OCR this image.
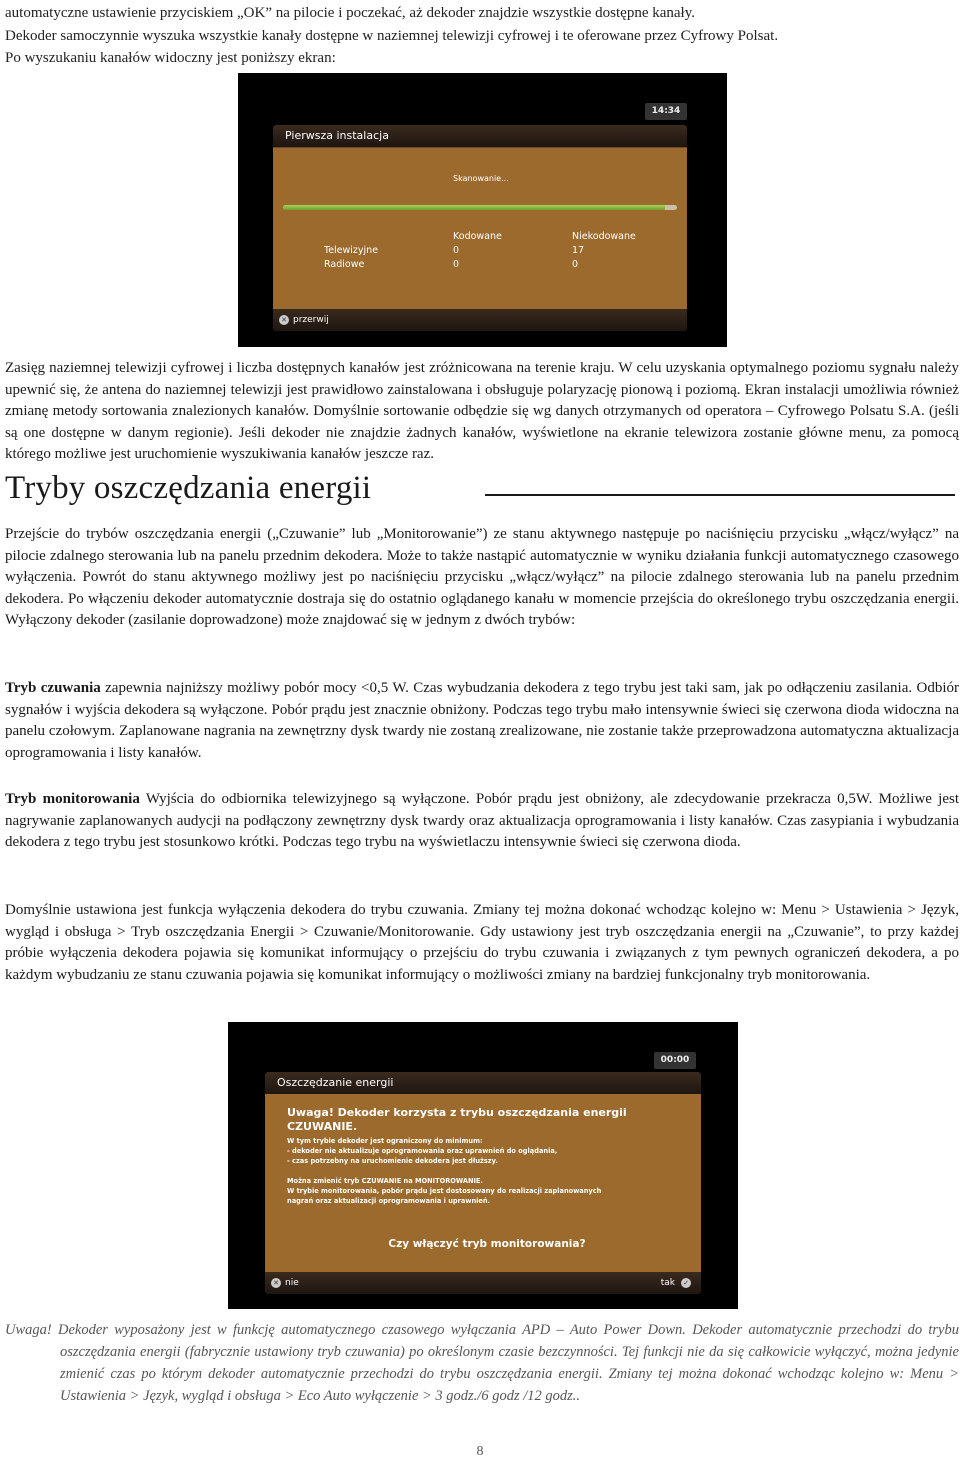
automatyczne ustawienie przyciskiem „OK” na pilocie i poczekać, aż dekoder znajdzie wszystkie dostępne kanały.
Dekoder samoczynnie wyszuka wszystkie kanały dostępne w naziemnej telewizji cyfrowej i te oferowane przez Cyfrowy Polsat.
Po wyszukaniu kanałów widoczny jest poniższy ekran:
14:34
Pierwsza instalacja
Skanowanie...
Kodowane	Niekodowane
Telewizyjne	0	17
Radiowe	0	0
✕ przerwij
Zasięg naziemnej telewizji cyfrowej i liczba dostępnych kanałów jest zróżnicowana na terenie kraju. W celu uzyskania optymalnego poziomu sygnału należy upewnić się, że antena do naziemnej telewizji jest prawidłowo zainstalowana i obsługuje polaryzację pionową i poziomą. Ekran instalacji umożliwia również zmianę metody sortowania znalezionych kanałów. Domyślnie sortowanie odbędzie się wg danych otrzymanych od operatora – Cyfrowego Polsatu S.A. (jeśli są one dostępne w danym regionie). Jeśli dekoder nie znajdzie żadnych kanałów, wyświetlone na ekranie telewizora zostanie główne menu, za pomocą którego możliwe jest uruchomienie wyszukiwania kanałów jeszcze raz.
Tryby oszczędzania energii
Przejście do trybów oszczędzania energii („Czuwanie” lub „Monitorowanie”) ze stanu aktywnego następuje po naciśnięciu przycisku „włącz/wyłącz” na pilocie zdalnego sterowania lub na panelu przednim dekodera. Może to także nastąpić automatycznie w wyniku działania funkcji automatycznego czasowego wyłączenia. Powrót do stanu aktywnego możliwy jest po naciśnięciu przycisku „włącz/wyłącz” na pilocie zdalnego sterowania lub na panelu przednim dekodera. Po włączeniu dekoder automatycznie dostraja się do ostatnio oglądanego kanału w momencie przejścia do określonego trybu oszczędzania energii. Wyłączony dekoder (zasilanie doprowadzone) może znajdować się w jednym z dwóch trybów:
Tryb czuwania zapewnia najniższy możliwy pobór mocy <0,5 W. Czas wybudzania dekodera z tego trybu jest taki sam, jak po odłączeniu zasilania. Odbiór sygnałów i wyjścia dekodera są wyłączone. Pobór prądu jest znacznie obniżony. Podczas tego trybu mało intensywnie świeci się czerwona dioda widoczna na panelu czołowym. Zaplanowane nagrania na zewnętrzny dysk twardy nie zostaną zrealizowane, nie zostanie także przeprowadzona automatyczna aktualizacja oprogramowania i listy kanałów.
Tryb monitorowania Wyjścia do odbiornika telewizyjnego są wyłączone. Pobór prądu jest obniżony, ale zdecydowanie przekracza 0,5W. Możliwe jest nagrywanie zaplanowanych audycji na podłączony zewnętrzny dysk twardy oraz aktualizacja oprogramowania i listy kanałów. Czas zasypiania i wybudzania dekodera z tego trybu jest stosunkowo krótki. Podczas tego trybu na wyświetlaczu intensywnie świeci się czerwona dioda.
Domyślnie ustawiona jest funkcja wyłączenia dekodera do trybu czuwania. Zmiany tej można dokonać wchodząc kolejno w: Menu > Ustawienia > Język, wygląd i obsługa > Tryb oszczędzania Energii > Czuwanie/Monitorowanie. Gdy ustawiony jest tryb oszczędzania energii na „Czuwanie”, to przy każdej próbie wyłączenia dekodera pojawia się komunikat informujący o przejściu do trybu czuwania i związanych z tym pewnych ograniczeń dekodera, a po każdym wybudzaniu ze stanu czuwania pojawia się komunikat informujący o możliwości zmiany na bardziej funkcjonalny tryb monitorowania.
00:00
Oszczędzanie energii
Uwaga! Dekoder korzysta z trybu oszczędzania energii CZUWANIE.
W tym trybie dekoder jest ograniczony do minimum:
- dekoder nie aktualizuje oprogramowania oraz uprawnień do oglądania,
- czas potrzebny na uruchomienie dekodera jest dłuższy.
Można zmienić tryb CZUWANIE na MONITOROWANIE.
W trybie monitorowania, pobór prądu jest dostosowany do realizacji zaplanowanych
nagrań oraz aktualizacji oprogramowania i uprawnień.
Czy włączyć tryb monitorowania?
✕ nie	tak ✓
Uwaga! Dekoder wyposażony jest w funkcję automatycznego czasowego wyłączania APD – Auto Power Down. Dekoder automatycznie przechodzi do trybu oszczędzania energii (fabrycznie ustawiony tryb czuwania) po określonym czasie bezczynności. Tej funkcji nie da się całkowicie wyłączyć, można jedynie zmienić czas po którym dekoder automatycznie przechodzi do trybu oszczędzania energii. Zmiany tej można dokonać wchodząc kolejno w: Menu > Ustawienia > Język, wygląd i obsługa > Eco Auto wyłączenie > 3 godz./6 godz /12 godz..
8
